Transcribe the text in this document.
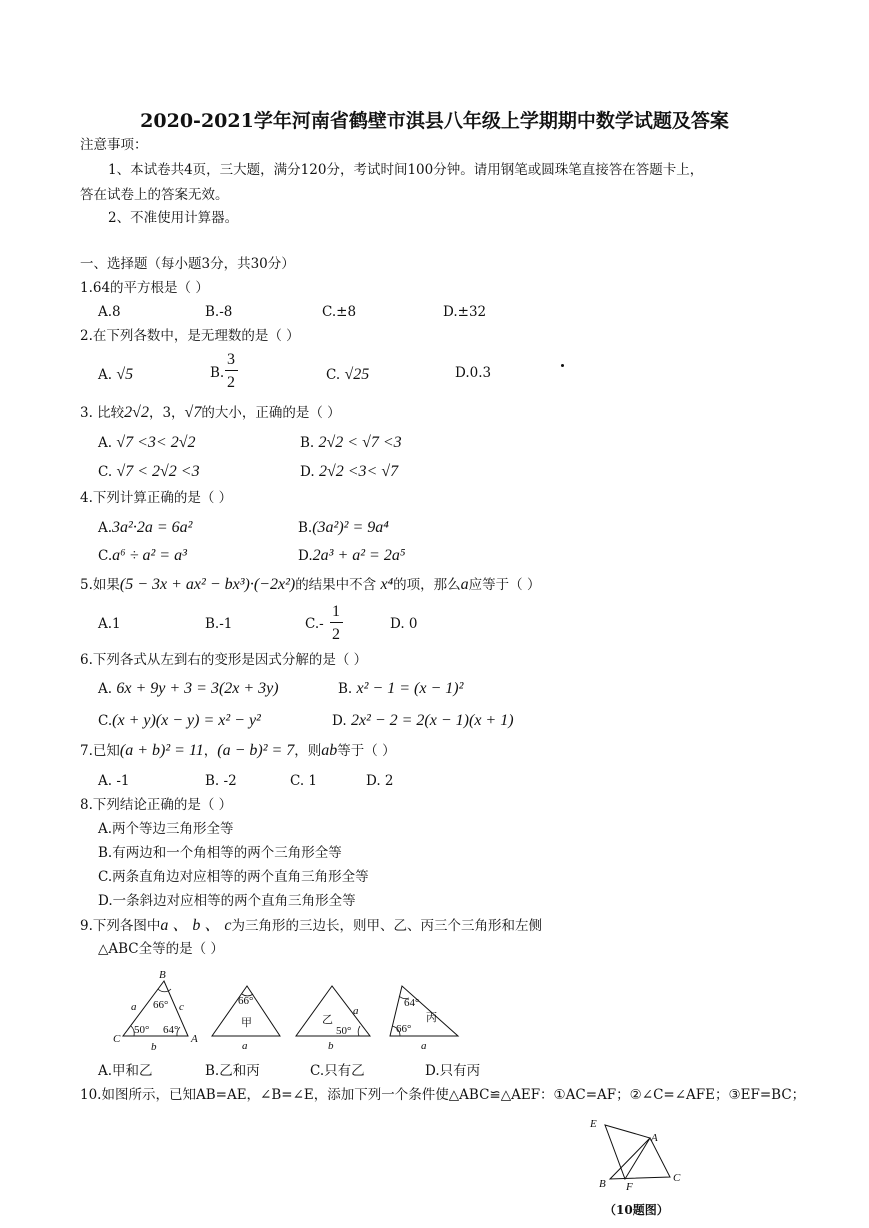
2020-2021学年河南省鹤壁市淇县八年级上学期期中数学试题及答案
注意事项：
1、本试卷共4页，三大题，满分120分，考试时间100分钟。请用钢笔或圆珠笔直接答在答题卡上，
答在试卷上的答案无效。
2、不准使用计算器。
一、选择题（每小题3分，共30分）
1.64的平方根是（ ）
A.8	B.-8	C.±8	D.±32
2.在下列各数中，是无理数的是（ ）
A. √5	B.
3
2	C. √25	D.0.3
3. 比较2√2，3，√7的大小，正确的是（ ）
A. √7 <3< 2√2	B. 2√2 < √7 <3
C. √7 < 2√2 <3	D. 2√2 <3< √7
4.下列计算正确的是（ ）
A.3a²·2a = 6a²	B.(3a²)² = 9a⁴
C.a⁶ ÷ a² = a³	D.2a³ + a² = 2a⁵
5.如果(5 − 3x + ax² − bx³)·(−2x²)的结果中不含 x⁴的项，那么a应等于（ ）
A.1	B.-1	C.-
1
2
D. 0
6.下列各式从左到右的变形是因式分解的是（ ）
A. 6x + 9y + 3 = 3(2x + 3y)	B. x² − 1 = (x − 1)²
C.(x + y)(x − y) = x² − y²	D. 2x² − 2 = 2(x − 1)(x + 1)
7.已知(a + b)² = 11，(a − b)² = 7，则ab等于（ ）
A. -1	B. -2	C. 1	D. 2
8.下列结论正确的是（ ）
A.两个等边三角形全等
B.有两边和一个角相等的两个三角形全等
C.两条直角边对应相等的两个直角三角形全等
D.一条斜边对应相等的两个直角三角形全等
9.下列各图中a 、 b 、 c为三角形的三边长，则甲、乙、丙三个三角形和左侧
△ABC全等的是（ ）
B
C	A
a	c
b	a
a
b	a
66°
50° 64°
66°
甲	乙
50°
64°
66°
丙
A.甲和乙	B.乙和丙	C.只有乙	D.只有丙
10.如图所示，已知AB=AE，∠B=∠E，添加下列一个条件使△ABC≌△AEF：①AC=AF；②∠C=∠AFE；③EF=BC；
E
A
B F
C
（10题图）
